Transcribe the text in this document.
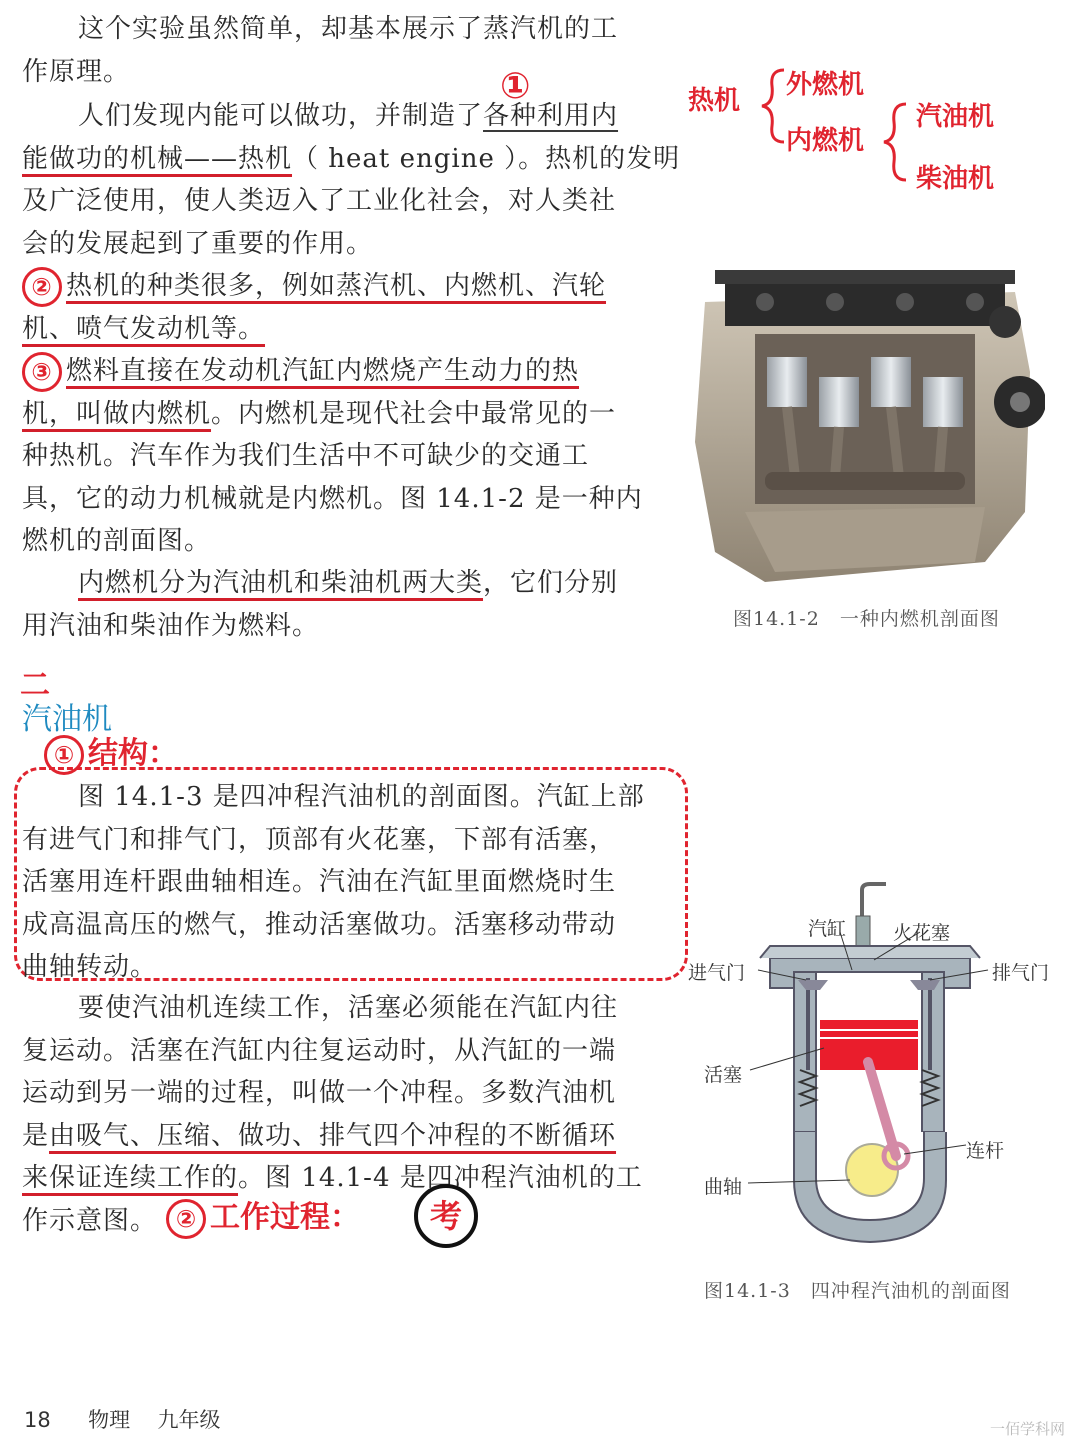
这个实验虽然简单，却基本展示了蒸汽机的工
作原理。	①
人们发现内能可以做功，并制造了各种利用内
能做功的机械——热机（ heat engine ）。热机的发明
及广泛使用，使人类迈入了工业化社会，对人类社
会的发展起到了重要的作用。
② 热机的种类很多，例如蒸汽机、内燃机、汽轮
机、喷气发动机等。
③ 燃料直接在发动机汽缸内燃烧产生动力的热
机，叫做内燃机。内燃机是现代社会中最常见的一
种热机。汽车作为我们生活中不可缺少的交通工
具，它的动力机械就是内燃机。图 14.1-2 是一种内
燃机的剖面图。
内燃机分为汽油机和柴油机两大类，它们分别
用汽油和柴油作为燃料。
热机
外燃机
内燃机
汽油机
柴油机
图14.1-2　一种内燃机剖面图
二
汽油机
① 结构：
图 14.1-3 是四冲程汽油机的剖面图。汽缸上部
有进气门和排气门，顶部有火花塞，下部有活塞，
活塞用连杆跟曲轴相连。汽油在汽缸里面燃烧时生
成高温高压的燃气，推动活塞做功。活塞移动带动
曲轴转动。
要使汽油机连续工作，活塞必须能在汽缸内往
复运动。活塞在汽缸内往复运动时，从汽缸的一端
运动到另一端的过程，叫做一个冲程。多数汽油机
是由吸气、压缩、做功、排气四个冲程的不断循环
来保证连续工作的。图 14.1-4 是四冲程汽油机的工
作示意图。 ② 工作过程：	考
汽缸 火花塞
进气门	排气门
活塞
连杆
曲轴
图14.1-3　四冲程汽油机的剖面图
18 物理 九年级	一佰学科网
